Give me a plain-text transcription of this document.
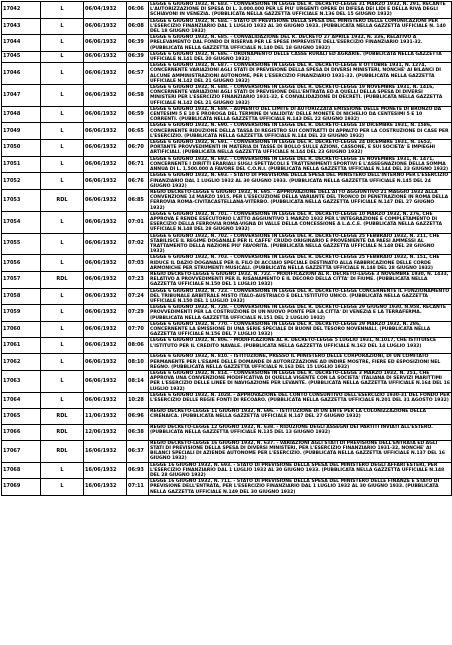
17042	L	06/04/1932	06:06	LEGGE 6 GIUGNO 1932, N. 683. - CONVERSIONE IN LEGGE DEL R. DECRETO-LEGGE 31 MARZO 1932, N. 291, RECANTE L'AUTORIZZAZIONE DI SPESA DI L. 3.000.000 PER LE PIU' URGENTI OPERE DI DIFESA DEI LIDI E DELLA RIVA DEGLI SCHIAVONI IN VENEZIA. (PUBBLICATA NELLA GAZZETTA UFFICIALE N.136 DEL 15 GIUGNO 1932)
17043	L	06/06/1932	06:08	LEGGE 6 GIUGNO 1932, N. 684. - STATO DI PREVISIONE DELLA SPESA DEL MINISTERO DELLE COMUNICAZIONI PER L'ESERCIZIO FINANZIARIO DAL 1 LUGLIO 1932 AL 30 GIUGNO 1933. (PUBBLICATA NELLA GAZZETTA UFFICIALE N. 140 DEL 18 GIUGNO 1932)
17044	L	06/06/1932	06:39	LEGGE 6 GIUGNO 1932, N. 685. - CONVALIDAZIONE DEL R. DECRETO 27 APRILE 1932, N. 336, RELATIVO A PRELEVAMENTO DAL FONDO DI RISERVA PER LE SPESE IMPREVISTE DELL'ESERCIZIO FINANZIARIO 1931-32. (PUBBLICATA NELLA GAZZETTA UFFICIALE N.140 DEL 18 GIUGNO 1932)
17045	L	06/06/1932	06:39	LEGGE 6 GIUGNO 1932, N. 686. - ORDINAMENTO DELLE CASSE RURALI ED AGRARIE. (PUBBLICATA NELLA GAZZETTA UFFICIALE N.141 DEL 20 GIUGNO 1932)
17046	L	06/06/1932	06:57	LEGGE 6 GIUGNO 1932, N. 687. - CONVERSIONE IN LEGGE DEL R. DECRETO-LEGGE 8 OTTOBRE 1931, N. 1274, CONCERNENTE VARIAZIONI AGLI STATI DI PREVISIONE DELLA SPESA DI DIVERSI MINISTERI, NONCHE' AI BILANCI DI ALCUNE AMMINISTRAZIONI AUTONOME, PER L'ESERCIZIO FINANZIARIO 1931-32. (PUBBLICATA NELLA GAZZETTA UFFICIALE N.142 DEL 21 GIUGNO 1932)
17047	L	06/06/1932	06:58	LEGGE 6 GIUGNO 1932, N. 688. - CONVERSIONE IN LEGGE DEL R. DECRETO-LEGGE 19 NOVEMBRE 1931, N. 1416, CONCERNENTE VARIAZIONI AGLI STATI DI PREVISIONE DELL'ENTRATA ED A QUELLI DELLA SPESA DI DIVERSI MINISTERI PER L'ESERCIZIO FINANZIARIO 1931-32, E CONVALIDAZIONE DI DECRETI. (PUBBLICATA NELLA GAZZETTA UFFICIALE N.142 DEL 21 GIUGNO 1932)
17048	L	06/06/1932	06:59	LEGGE 6 GIUGNO 1932, N. 689. - AUMENTO DEL LIMITE DI AUTORIZZATA EMISSIONE DELLE MONETE DI BRONZO DA CENTESIMI 5 E 10 E PROROGA DEL TERMINE DI VALIDITA' DELLE MONETE DI NICHELIO DA CENTESIMI 5 E 10 CORRENTI. (PUBBLICATA NELLA GAZZETTA UFFICIALE N.143 DEL 22 GIUGNO 1932)
17049	L	06/06/1932	06:65	LEGGE 6 GIUGNO 1932, N. 690. - CONVERSIONE IN LEGGE DEL R. DECRETO-LEGGE 18 DICEMBRE 1931, N. 1586, CONCERNENTE RIDUZIONE DELLA TASSA DI REGISTRO SUI CONTRATTI DI APPALTO PER LA COSTRUZIONE DI CASE PER L'ESERCIZIO. (PUBBLICATA NELLA GAZZETTA UFFICIALE N.144 DEL 23 GIUGNO 1932)
17050	L	06/06/1932	06:70	LEGGE 6 GIUGNO 1932, N. 691. - CONVERSIONE IN LEGGE DEL R. DECRETO-LEGGE 24 DICEMBRE 1931, N. 1652, PORTANTE PROVVEDIMENTI IN MATERIA DI TASSE DI BOLLO SULLE AZIONI, CASSONE, E SUI SOCIETA' E IMPIEGHI ARTIFICIALI. (PUBBLICATA NELLA GAZZETTA UFFICIALE N.144 DEL 23 GIUGNO 1932)
17051	L	06/06/1932	06:71	LEGGE 6 GIUGNO 1932, N. 692. - CONVERSIONE IN LEGGE DEL R. DECRETO-LEGGE 16 NOVEMBRE 1931, N. 1471, CONCERNENTE I DIRITTI ERARIALI SUGLI SPETTACOLI E TRATTENIMENTI SPORTIVI E L'ASSEGNAZIONE DELLA SOMMA ANNUA DI L. 1.500.000 A FAVORE DEL C.O.N.I. (PUBBLICATA NELLA GAZZETTA UFFICIALE N.144 DEL 23 GIUGNO 1932)
17052	L	06/06/1932	06:76	LEGGE 6 GIUGNO 1932, N. 693. - STATO DI PREVISIONE DELLA SPESA DEL MINISTERO DELL'INTERNO PER L'ESERCIZIO FINANZIARIO DAL 1 LUGLIO 1932 AL 30 GIUGNO 1933. (PUBBLICATA NELLA GAZZETTA UFFICIALE N.145 DEL 24 GIUGNO 1932)
17053	RDL	06/06/1932	06:85	REGIO DECRETO-LEGGE 6 GIUGNO 1932, N. 695. - APPROVAZIONE DELL'ATTO AGGIUNTIVO 21 MAGGIO 1932 ALLA CONVENZIONE 14 MARZO 1915, PER L'ESECUZIONE DELLA VARIANTE DEL TRONCO DI PENETRAZIONE IN ROMA DELLA FERROVIA ROMA-CIVITACASTELLANA-VITERBO. (PUBBLICATA NELLA GAZZETTA UFFICIALE N.147 DEL 27 GIUGNO 1932)
17054	L	06/06/1932	07:01	LEGGE 6 GIUGNO 1932, N. 701. - CONVERSIONE IN LEGGE DEL R. DECRETO-LEGGE 10 MARZO 1932, N. 276, CHE APPROVA E RENDE ESECUTORIO L'ATTO AGGIUNTIVO 1 MARZO 1932 PER L'INTEGRAZIONE E COMPLETAMENTO DI ESERCIZIO DELLA FERROVIA ROMA-VIGNA DI VALLE DELLA CONCESSIONE A L.A.C.E. (PUBBLICATA NELLA GAZZETTA UFFICIALE N.148 DEL 28 GIUGNO 1932)
17055	L	06/06/1932	07:02	LEGGE 6 GIUGNO 1932, N. 702. - CONVERSIONE IN LEGGE DEL R. DECRETO-LEGGE 25 FEBBRAIO 1932, N. 211, CHE STABILISCE IL REGIME DOGANALE PER IL CAFFE' CRUDO ORIGINARIO E PROVENIENTE DA PAESI AMMESSI AL TRATTAMENTO DELLA NAZIONE PIU' FAVORITA. (PUBBLICATA NELLA GAZZETTA UFFICIALE N.148 DEL 28 GIUGNO 1932)
17056	L	06/06/1932	07:03	LEGGE 6 GIUGNO 1932, N. 703. - CONVERSIONE IN LEGGE DEL R. DECRETO-LEGGE 25 FEBBRAIO 1932, N. 151, CHE RIDUCE IL DAZIO DOGANALE PER IL FILO DI ACCIAIO SPECIALE DESTINATO ALLA FABBRICAZIONE DELLE CORDE ARMONICHE PER STRUMENTI MUSICALI. (PUBBLICATA NELLA GAZZETTA UFFICIALE N.148 DEL 28 GIUGNO 1932)
17057	RDL	06/06/1932	07:23	REGIO DECRETO-LEGGE 6 GIUGNO 1932, N. 722. - MODIFICAZIONI AL R. DECRETO-LEGGE 3 NOVEMBRE 1930, N. 1433, RELATIVO A PROVVEDIMENTI PER IL RISANAMENTO E IL DECORO DELLA CITTA' DI FIUME. (PUBBLICATA NELLA GAZZETTA UFFICIALE N.150 DEL 1 LUGLIO 1932)
17058	L	06/06/1932	07:24	LEGGE 6 GIUGNO 1932, N. 723. - CONVERSIONE IN LEGGE DEL R. DECRETO-LEGGE CONCERNENTE IL FUNZIONAMENTO DEL TRIBUNALE ARBITRALE MISTO ITALO-AUSTRIACO E DELL'ISTITUTO UNICO. (PUBBLICATA NELLA GAZZETTA UFFICIALE N.150 DEL 1 LUGLIO 1932)
17059	L	06/06/1932	07:29	LEGGE 6 GIUGNO 1932, N. 728. - CONVERSIONE IN LEGGE DEL R. DECRETO-LEGGE 29 GIUGNO 1930, N.958, RECANTE PROVVEDIMENTI PER LA COSTRUZIONE DI UN NUOVO PONTE PER LA CITTA' DI VENEZIA E LA TERRAFERMA. (PUBBLICATA NELLA GAZZETTA UFFICIALE N.151 DEL 2 LUGLIO 1932)
17060	L	06/06/1932	07:70	LEGGE 6 GIUGNO 1932, N. 770. - CONVERSIONE IN LEGGE DEL R. DECRETO-LEGGE 29 MARZO 1932, N. 286, CONCERNENTE LA EMISSIONE DI UNA SERIE SPECIALE DI BUONI DEL TESORO NOVENNALI. (PUBBLICATA NELLA GAZZETTA UFFICIALE N.156 DEL 7 LUGLIO 1932)
17061	L	06/06/1932	08:06	LEGGE 6 GIUGNO 1932, N. 806. - MODIFICAZIONE AL R. DECRETO-LEGGE 5 LUGLIO 1931, N.1017, CHE ISTITUISCE L'ISTITUTO PER IL CREDITO NAVALE. (PUBBLICATA NELLA GAZZETTA UFFICIALE N.162 DEL 14 LUGLIO 1932)
17062	L	06/06/1932	08:10	LEGGE 6 GIUGNO 1932, N. 810. - ISTITUZIONE, PRESSO IL MINISTERO DELLE CORPORAZIONI, DI UN COMITATO PERMANENTE PER L'ESAME DELLE DOMANDE DI AUTORIZZAZIONE AD INDIRE MOSTRE, FIERE ED ESPOSIZIONI NEL REGNO. (PUBBLICATA NELLA GAZZETTA UFFICIALE N.163 DEL 15 LUGLIO 1932)
17063	L	06/06/1932	08:14	LEGGE 6 GIUGNO 1932, N. 814. - CONVERSIONE IN LEGGE DEL R. DECRETO-LEGGE 3 MARZO 1932, N. 251, CHE APPROVA UNA CONVENZIONE MODIFICATIVA DI QUELLA VIGENTE CON LA SOCIETA' ITALIANA DI SERVIZI MARITTIMI PER L'ESERCIZIO DELLE LINEE DI NAVIGAZIONE PER LEVANTE. (PUBBLICATA NELLA GAZZETTA UFFICIALE N.164 DEL 16 LUGLIO 1932)
17064	L	06/06/1932	10:28	LEGGE 6 GIUGNO 1932, N. 1028. - APPROVAZIONE DEL CONTO CONSUNTIVO DELL'ESERCIZIO 1930-31 DEL FONDO PER L'ESERCIZIO DELLE REGIE FONTI DI RECOARO. (PUBBLICATA NELLA GAZZETTA UFFICIALE N.201 DEL 31 AGOSTO 1932)
17065	RDL	11/06/1932	06:96	REGIO DECRETO-LEGGE 11 GIUGNO 1932, N. 696. - ISTITUZIONE DI UN ENTE PER LA COLONIZZAZIONE DELLA CIRENAICA. (PUBBLICATA NELLA GAZZETTA UFFICIALE N.147 DEL 27 GIUGNO 1932)
17066	RDL	12/06/1932	06:38	REGIO DECRETO-LEGGE 12 GIUGNO 1932, N. 638. - RIDUZIONE DEGLI ASSEGNI DEI PARTITI INVIATI ALL'ESTERO. (PUBBLICATA NELLA GAZZETTA UFFICIALE N.135 DEL 13 GIUGNO 1932)
17067	RDL	16/06/1932	06:37	REGIO DECRETO-LEGGE 16 GIUGNO 1932, N. 637. - VARIAZIONI AGLI STATI DI PREVISIONE DELL'ENTRATA ED AGLI STATI DI PREVISIONE DELLA SPESA DI DIVERSI MINISTERI, PER L'ESERCIZIO FINANZIARIO 1931-32, NONCHE' AI BILANCI SPECIALI DI AZIENDE AUTONOME PER L'ESERCIZIO. (PUBBLICATA NELLA GAZZETTA UFFICIALE N.137 DEL 16 GIUGNO 1932)
17068	L	16/06/1932	06:93	LEGGE 16 GIUGNO 1932, N. 693. - STATO DI PREVISIONE DELLA SPESA DEL MINISTERO DEGLI AFFARI ESTERI, PER L'ESERCIZIO FINANZIARIO DAL 1 LUGLIO 1932 AL 30 GIUGNO 1933. (PUBBLICATA NELLA GAZZETTA UFFICIALE N.148 DEL 28 GIUGNO 1932)
17069	L	16/06/1932	07:11	LEGGE 16 GIUGNO 1932, N. 711. - STATO DI PREVISIONE DELLA SPESA DEL MINISTERO DELLE FINANZE E STATO DI PREVISIONE DELL'ENTRATA, PER L'ESERCIZIO FINANZIARIO DAL 1 LUGLIO 1932 AL 30 GIUGNO 1933. (PUBBLICATA NELLA GAZZETTA UFFICIALE N.149 DEL 30 GIUGNO 1932)
